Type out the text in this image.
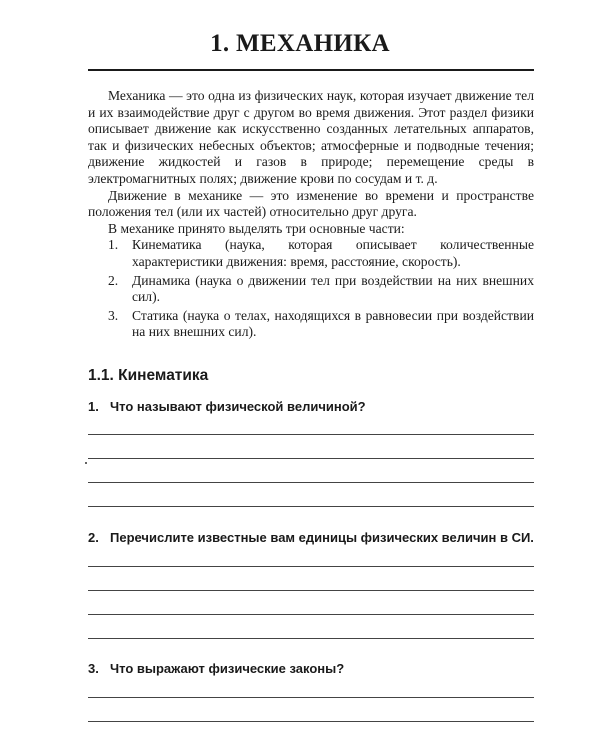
1. МЕХАНИКА

Механика — это одна из физических наук, которая изучает движение тел и их взаимодействие друг с другом во время движения. Этот раздел физики описывает движение как искусственно созданных летательных аппаратов, так и физических небесных объектов; атмосферные и подводные течения; движение жидкостей и газов в природе; перемещение среды в электромагнитных полях; движение крови по сосудам и т. д.

Движение в механике — это изменение во времени и пространстве положения тел (или их частей) относительно друг друга.

В механике принято выделять три основные части:

1. Кинематика (наука, которая описывает количественные характеристики движения: время, расстояние, скорость).
2. Динамика (наука о движении тел при воздействии на них внешних сил).
3. Статика (наука о телах, находящихся в равновесии при воздействии на них внешних сил).
1.1. Кинематика
1. Что называют физической величиной?
2. Перечислите известные вам единицы физических величин в СИ.
3. Что выражают физические законы?
